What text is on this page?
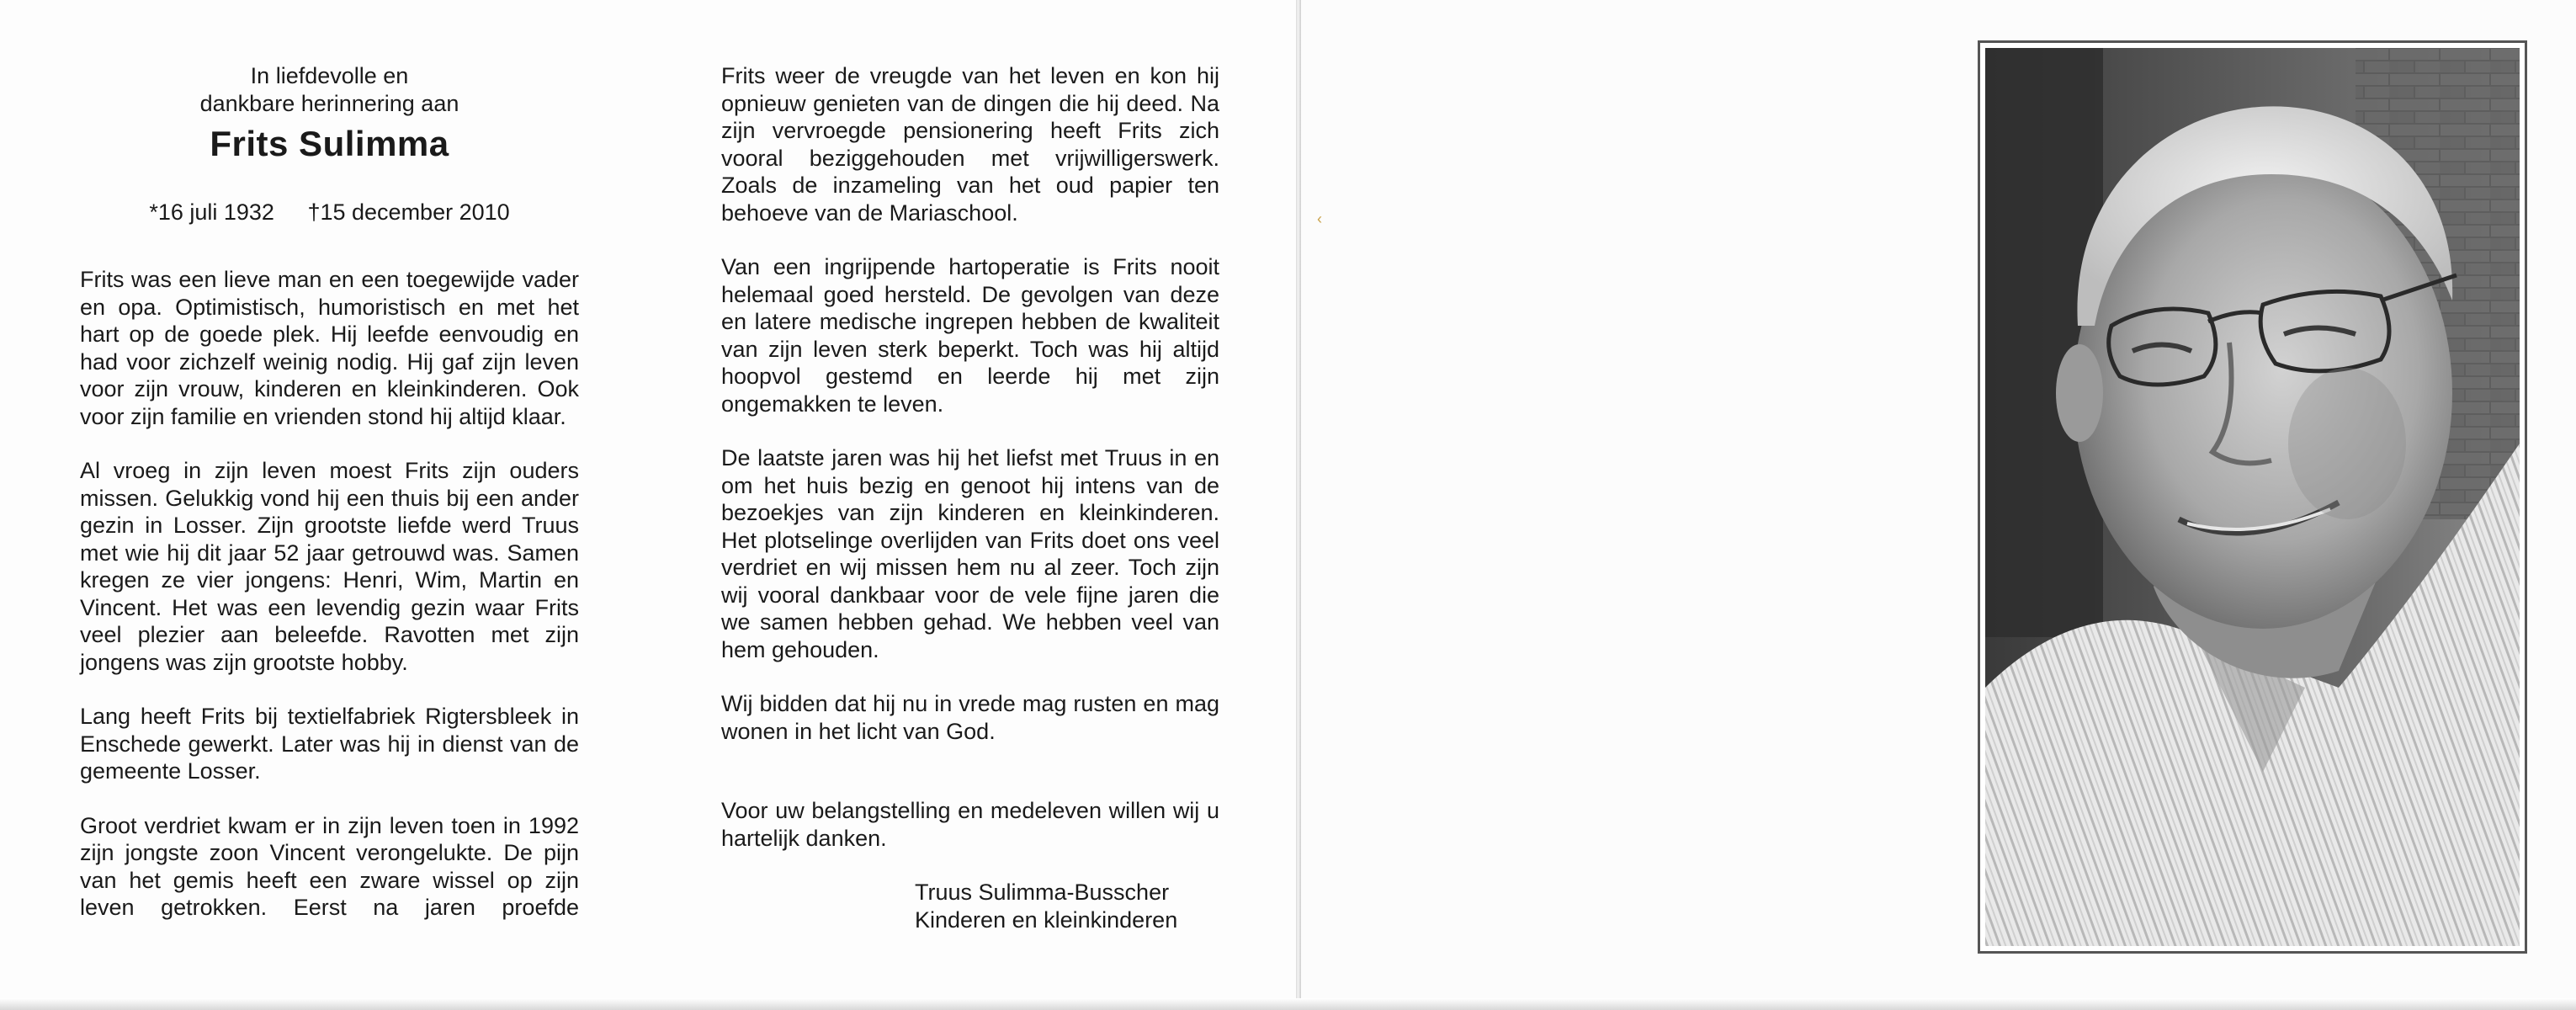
In liefdevolle en
dankbare herinnering aan
Frits Sulimma
*16 juli 1932 †15 december 2010

Frits was een lieve man en een toegewijde vader en opa. Optimistisch, humoristisch en met het hart op de goede plek. Hij leefde eenvoudig en had voor zichzelf weinig nodig. Hij gaf zijn leven voor zijn vrouw, kinderen en kleinkinderen. Ook voor zijn familie en vrienden stond hij altijd klaar.

Al vroeg in zijn leven moest Frits zijn ouders missen. Gelukkig vond hij een thuis bij een ander gezin in Losser. Zijn grootste liefde werd Truus met wie hij dit jaar 52 jaar getrouwd was. Samen kregen ze vier jongens: Henri, Wim, Martin en Vincent. Het was een levendig gezin waar Frits veel plezier aan beleefde. Ravotten met zijn jongens was zijn grootste hobby.

Lang heeft Frits bij textielfabriek Rigtersbleek in Enschede gewerkt. Later was hij in dienst van de gemeente Losser.

Groot verdriet kwam er in zijn leven toen in 1992 zijn jongste zoon Vincent verongelukte. De pijn van het gemis heeft een zware wissel op zijn leven getrokken. Eerst na jaren proefde

Frits weer de vreugde van het leven en kon hij opnieuw genieten van de dingen die hij deed. Na zijn vervroegde pensionering heeft Frits zich vooral beziggehouden met vrijwilligerswerk. Zoals de inzameling van het oud papier ten behoeve van de Mariaschool.

Van een ingrijpende hartoperatie is Frits nooit helemaal goed hersteld. De gevolgen van deze en latere medische ingrepen hebben de kwaliteit van zijn leven sterk beperkt. Toch was hij altijd hoopvol gestemd en leerde hij met zijn ongemakken te leven.

De laatste jaren was hij het liefst met Truus in en om het huis bezig en genoot hij intens van de bezoekjes van zijn kinderen en kleinkinderen. Het plotselinge overlijden van Frits doet ons veel verdriet en wij missen hem nu al zeer. Toch zijn wij vooral dankbaar voor de vele fijne jaren die we samen hebben gehad. We hebben veel van hem gehouden.

Wij bidden dat hij nu in vrede mag rusten en mag wonen in het licht van God.

Voor uw belangstelling en medeleven willen wij u hartelijk danken.

Truus Sulimma-Busscher
Kinderen en kleinkinderen
‹
